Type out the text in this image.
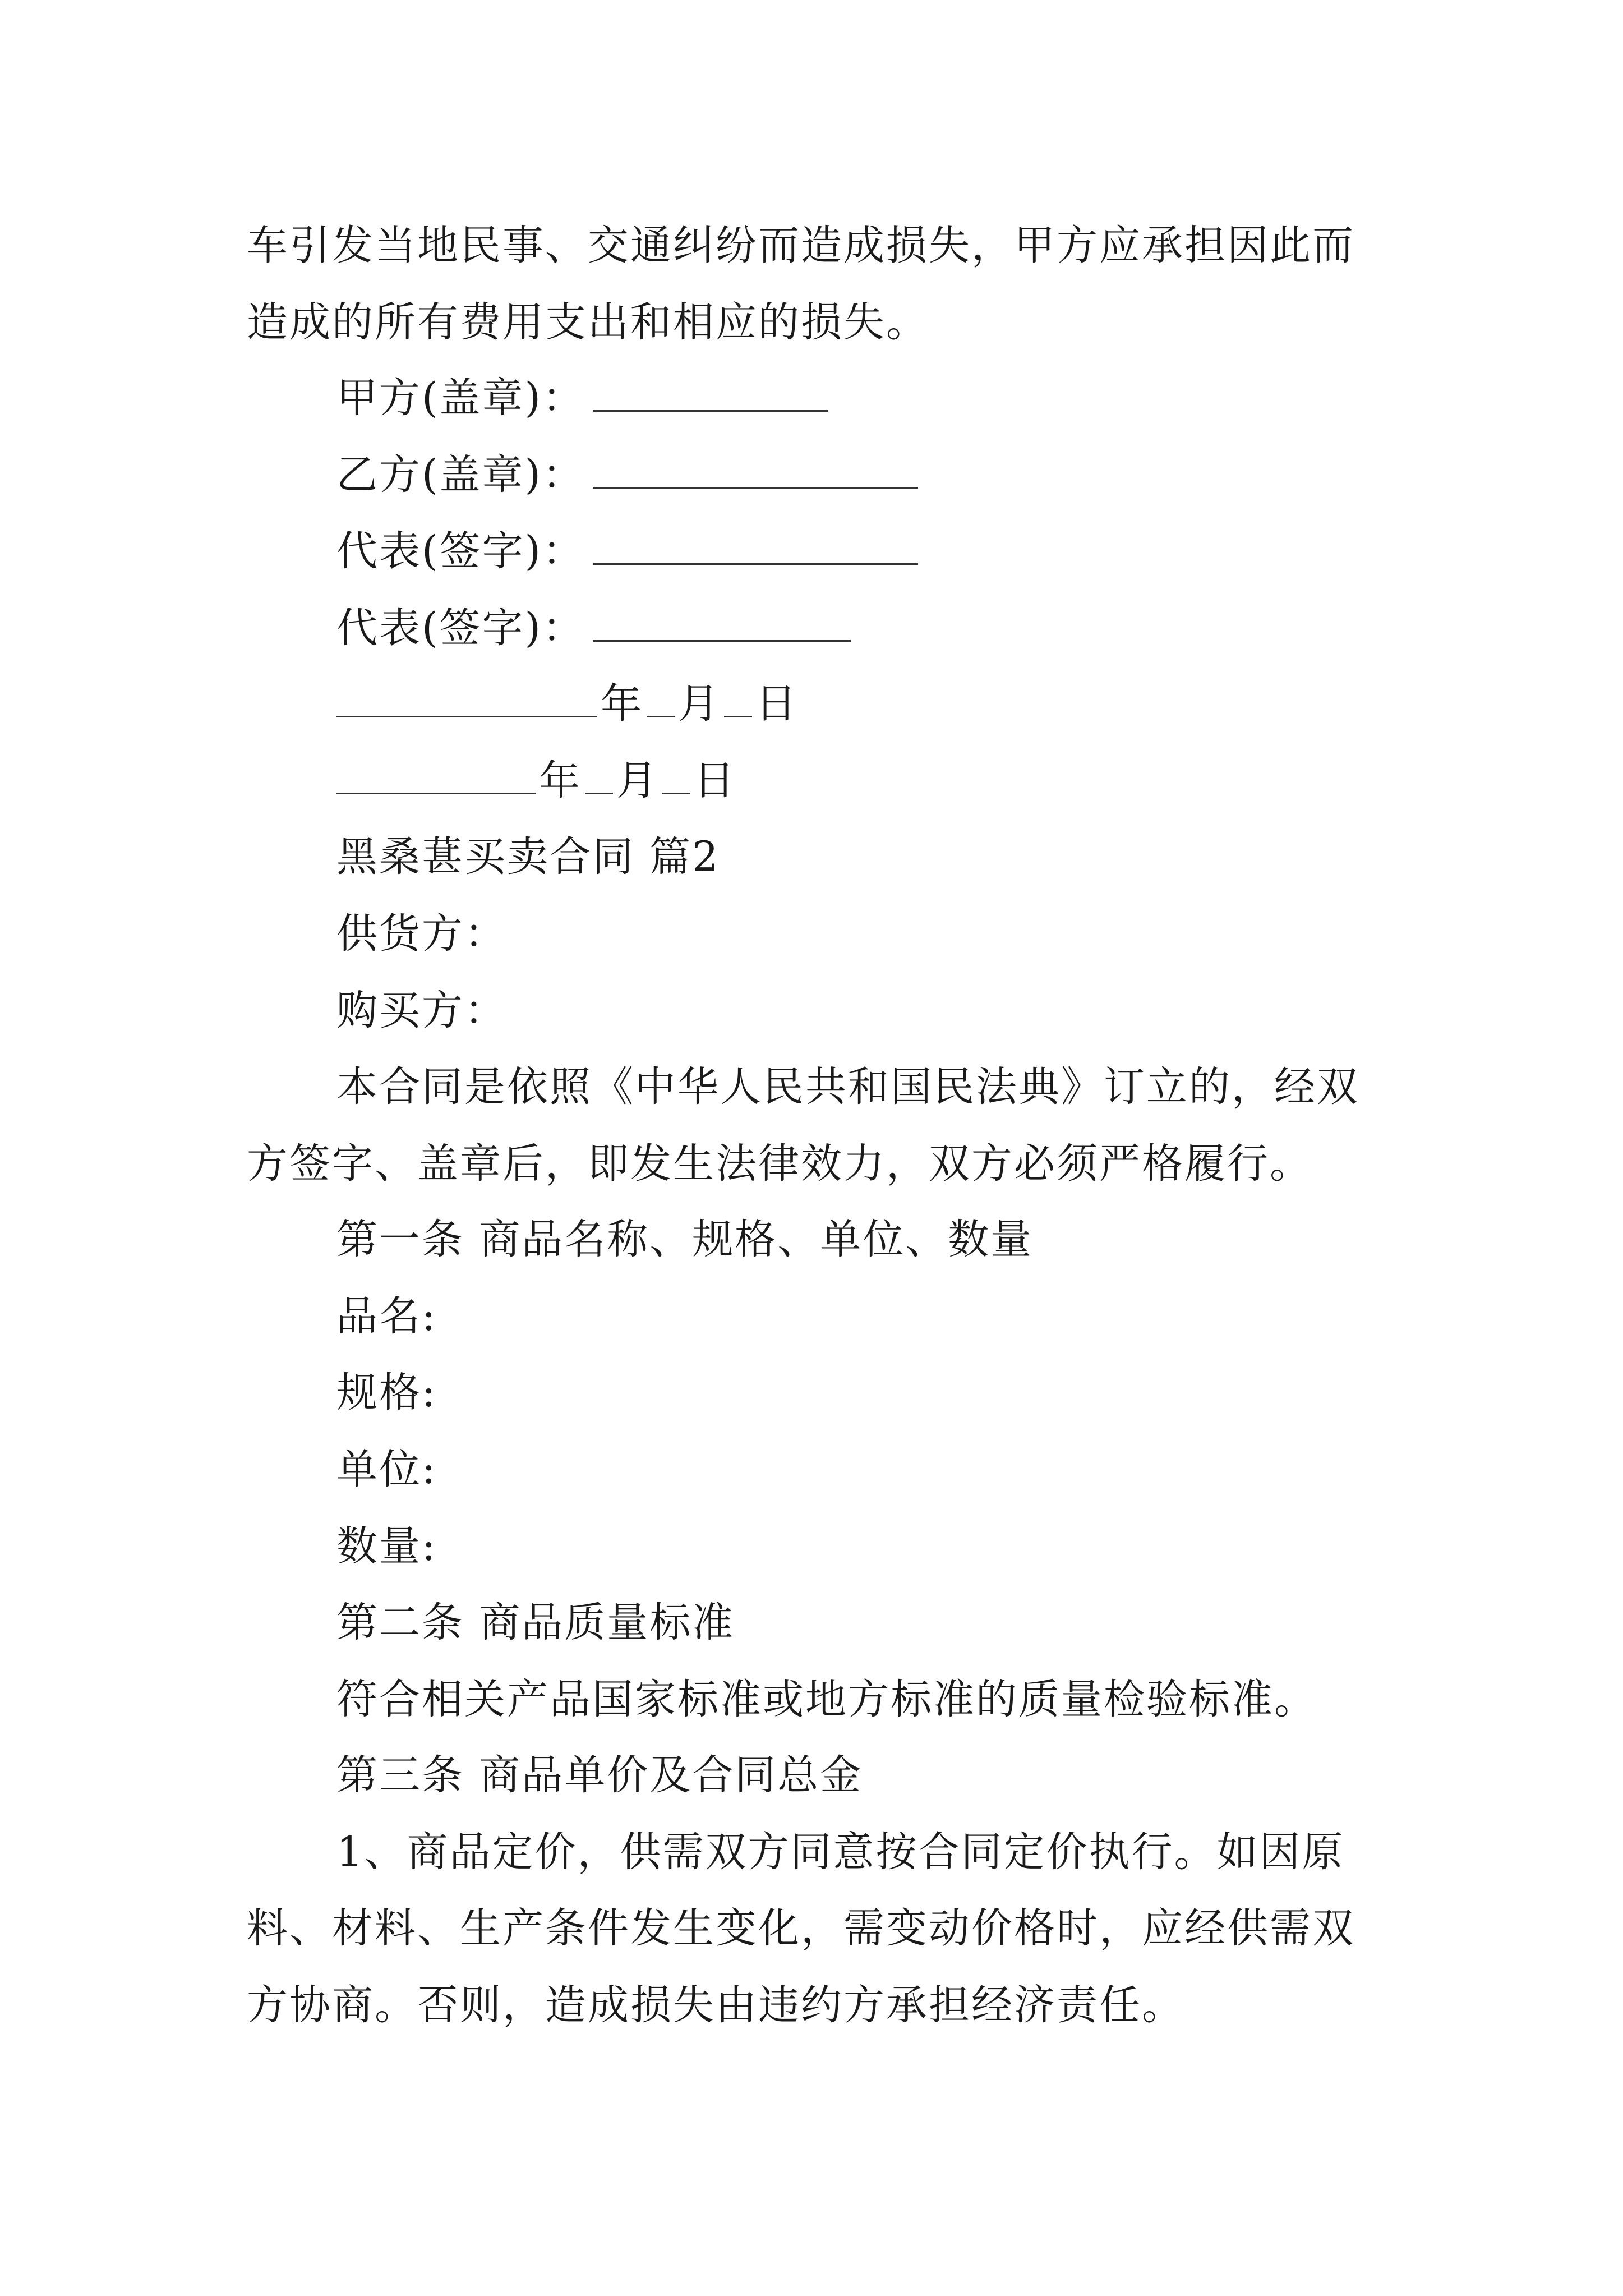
车引发当地民事、交通纠纷而造成损失，甲方应承担因此而
造成的所有费用支出和相应的损失。
甲方(盖章)：
乙方(盖章)：
代表(签字)：
代表(签字)：
年 月 日
年 月 日
黑桑葚买卖合同 篇2
供货方：
购买方：
本合同是依照《中华人民共和国民法典》订立的，经双
方签字、盖章后，即发生法律效力，双方必须严格履行。
第一条 商品名称、规格、单位、数量
品名:
规格:
单位:
数量:
第二条 商品质量标准
符合相关产品国家标准或地方标准的质量检验标准。
第三条 商品单价及合同总金
1、商品定价，供需双方同意按合同定价执行。如因原
料、材料、生产条件发生变化，需变动价格时，应经供需双
方协商。否则，造成损失由违约方承担经济责任。
